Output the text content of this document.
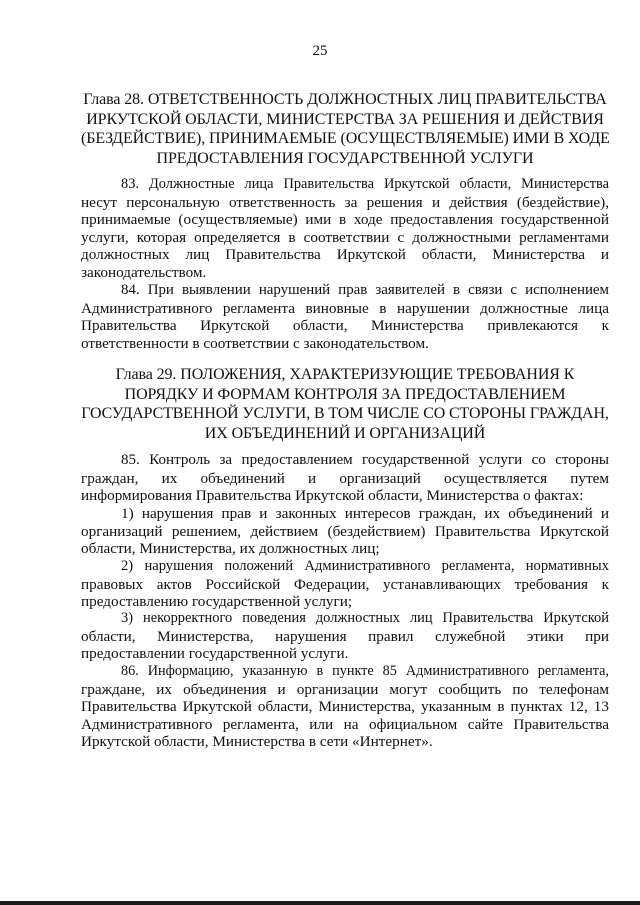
25
Глава 28. ОТВЕТСТВЕННОСТЬ ДОЛЖНОСТНЫХ ЛИЦ ПРАВИТЕЛЬСТВА
ИРКУТСКОЙ ОБЛАСТИ, МИНИСТЕРСТВА ЗА РЕШЕНИЯ И ДЕЙСТВИЯ
(БЕЗДЕЙСТВИЕ), ПРИНИМАЕМЫЕ (ОСУЩЕСТВЛЯЕМЫЕ) ИМИ В ХОДЕ
ПРЕДОСТАВЛЕНИЯ ГОСУДАРСТВЕННОЙ УСЛУГИ
83. Должностные лица Правительства Иркутской области, Министерства
несут персональную ответственность за решения и действия (бездействие),
принимаемые (осуществляемые) ими в ходе предоставления государственной
услуги, которая определяется в соответствии с должностными регламентами
должностных лиц Правительства Иркутской области, Министерства и
законодательством.
84. При выявлении нарушений прав заявителей в связи с исполнением
Административного регламента виновные в нарушении должностные лица
Правительства Иркутской области, Министерства привлекаются к
ответственности в соответствии с законодательством.
Глава 29. ПОЛОЖЕНИЯ, ХАРАКТЕРИЗУЮЩИЕ ТРЕБОВАНИЯ К
ПОРЯДКУ И ФОРМАМ КОНТРОЛЯ ЗА ПРЕДОСТАВЛЕНИЕМ
ГОСУДАРСТВЕННОЙ УСЛУГИ, В ТОМ ЧИСЛЕ СО СТОРОНЫ ГРАЖДАН,
ИХ ОБЪЕДИНЕНИЙ И ОРГАНИЗАЦИЙ
85. Контроль за предоставлением государственной услуги со стороны
граждан, их объединений и организаций осуществляется путем
информирования Правительства Иркутской области, Министерства о фактах:
1) нарушения прав и законных интересов граждан, их объединений и
организаций решением, действием (бездействием) Правительства Иркутской
области, Министерства, их должностных лиц;
2) нарушения положений Административного регламента, нормативных
правовых актов Российской Федерации, устанавливающих требования к
предоставлению государственной услуги;
3) некорректного поведения должностных лиц Правительства Иркутской
области, Министерства, нарушения правил служебной этики при
предоставлении государственной услуги.
86. Информацию, указанную в пункте 85 Административного регламента,
граждане, их объединения и организации могут сообщить по телефонам
Правительства Иркутской области, Министерства, указанным в пунктах 12, 13
Административного регламента, или на официальном сайте Правительства
Иркутской области, Министерства в сети «Интернет».
